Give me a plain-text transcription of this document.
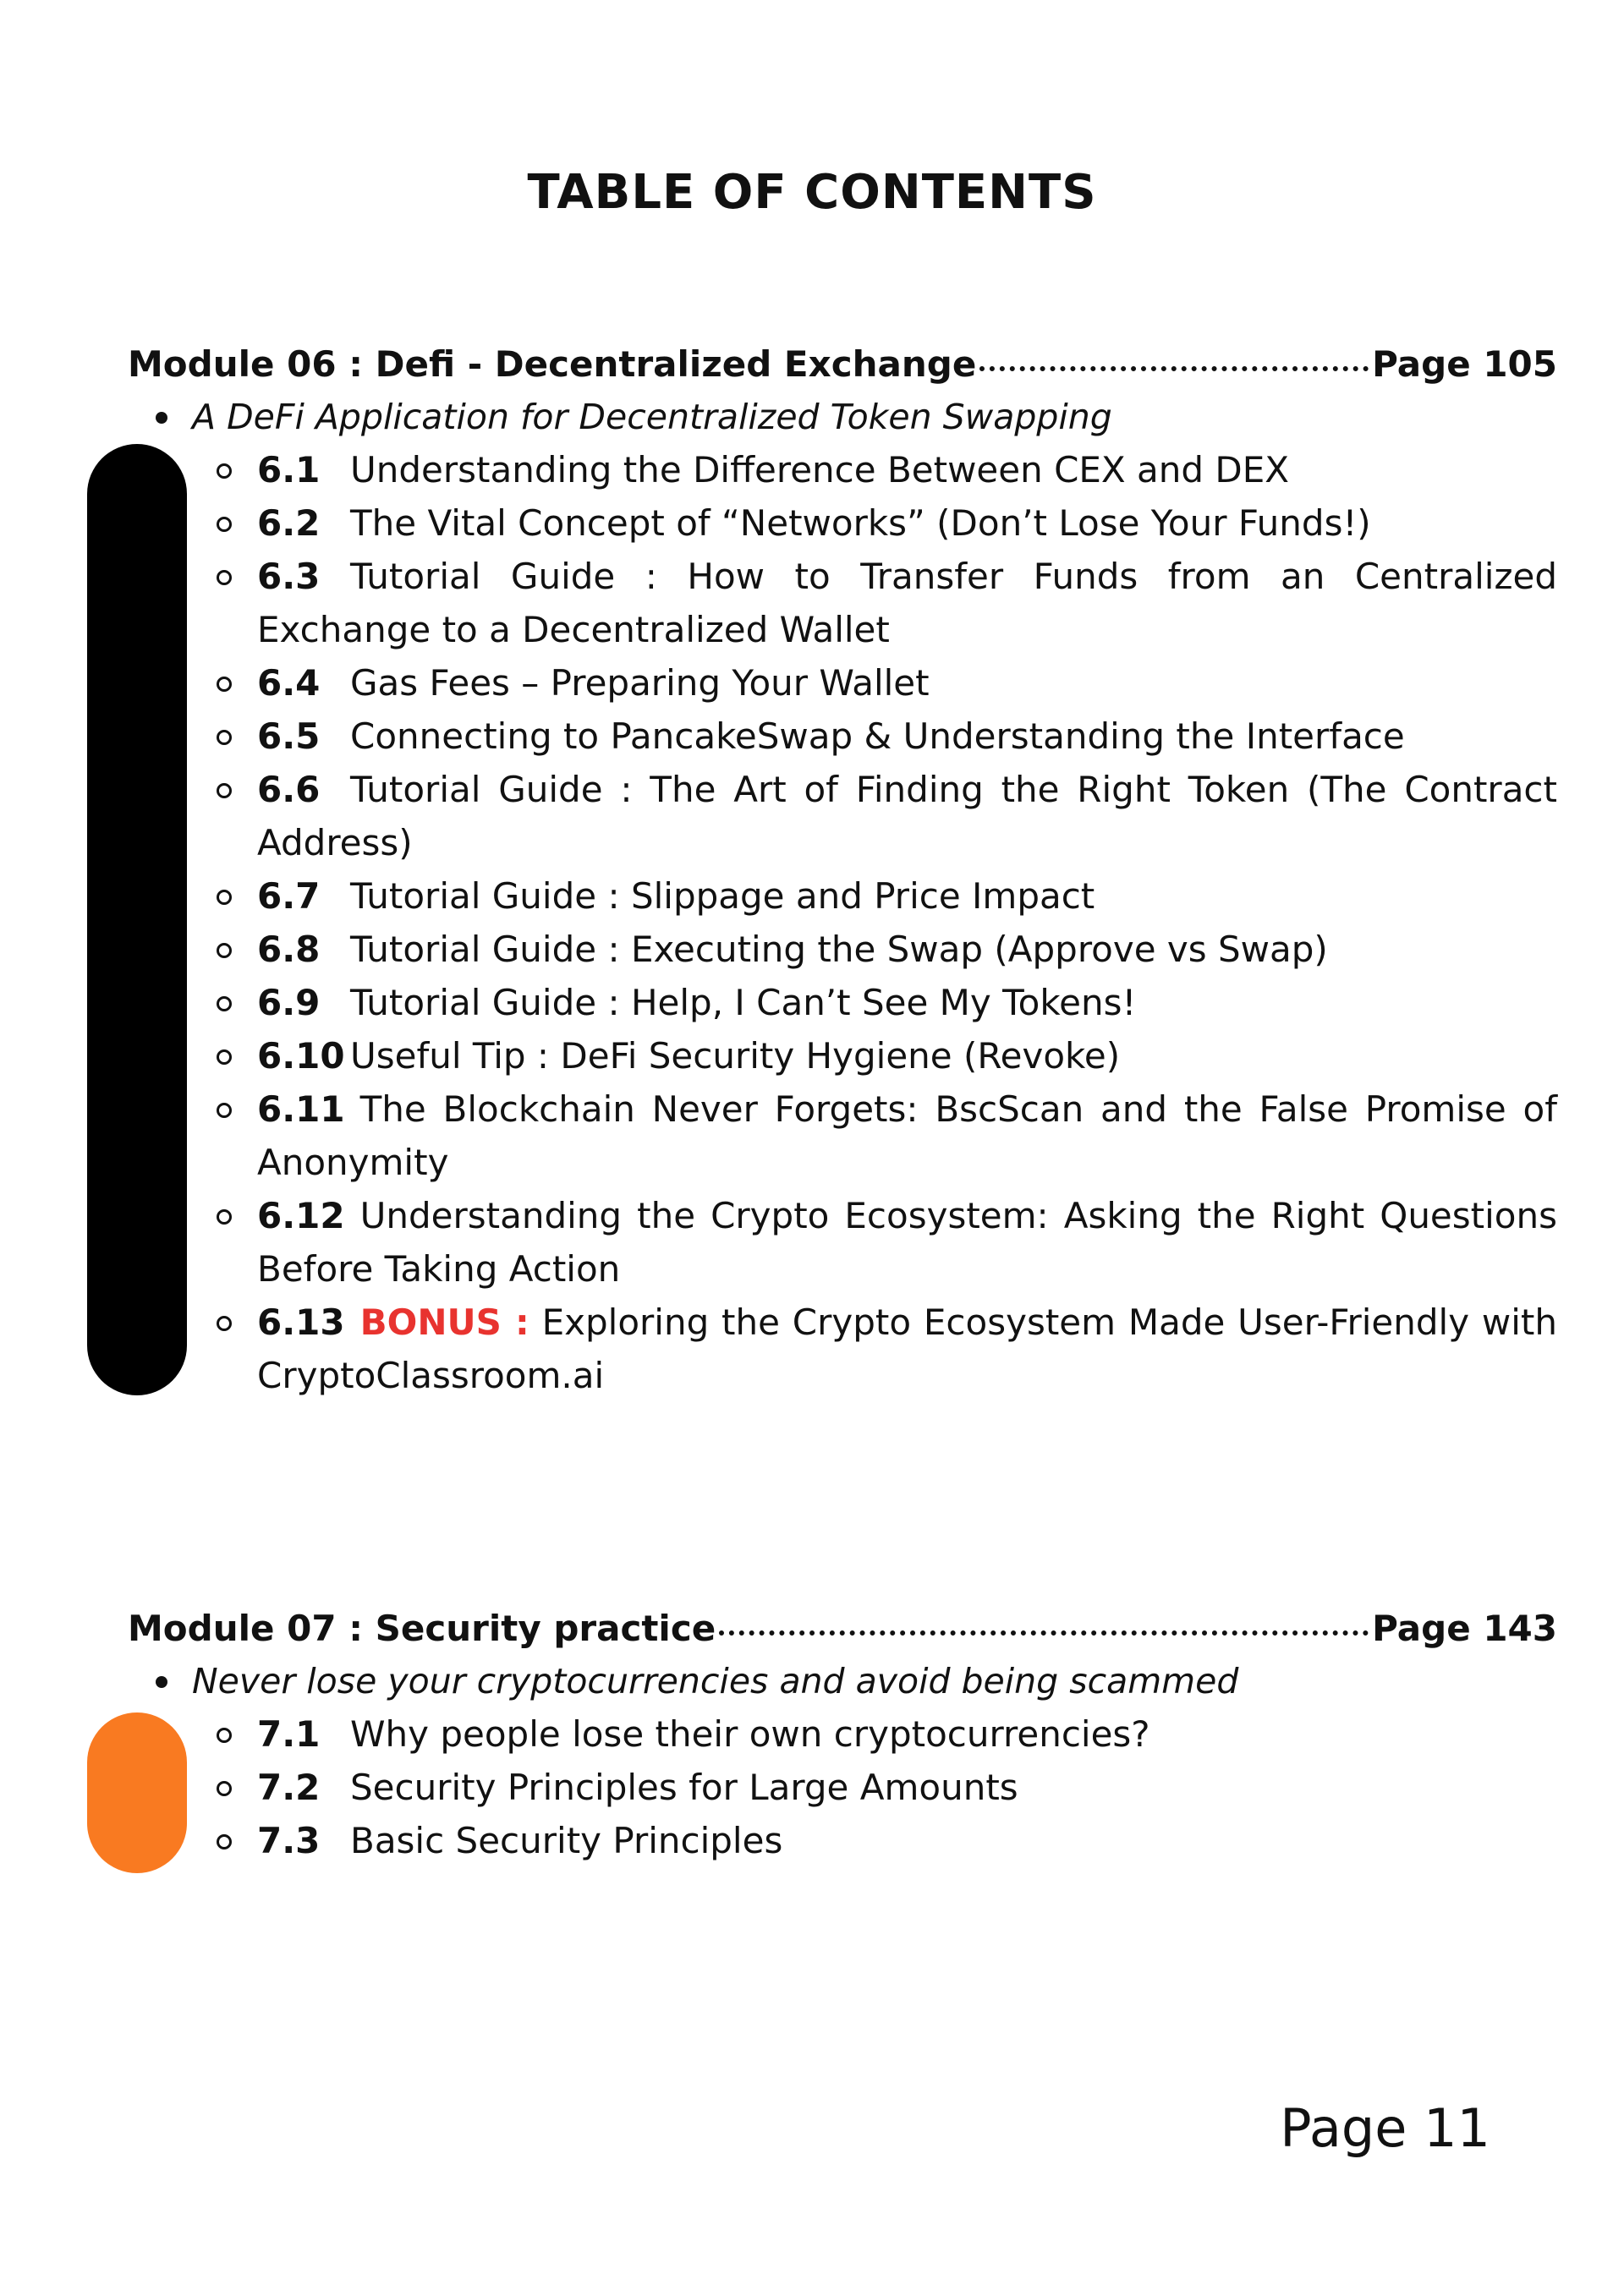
TABLE OF CONTENTS
Module 06 : Defi - Decentralized Exchange	Page 105
A DeFi Application for Decentralized Token Swapping
6.1 Understanding the Difference Between CEX and DEX
6.2 The Vital Concept of “Networks” (Don’t Lose Your Funds!)
6.3 Tutorial Guide : How to Transfer Funds from an Centralized Exchange to a Decentralized Wallet
6.4 Gas Fees – Preparing Your Wallet
6.5 Connecting to PancakeSwap & Understanding the Interface
6.6 Tutorial Guide : The Art of Finding the Right Token (The Contract Address)
6.7 Tutorial Guide : Slippage and Price Impact
6.8 Tutorial Guide : Executing the Swap (Approve vs Swap)
6.9 Tutorial Guide : Help, I Can’t See My Tokens!
6.10 Useful Tip : DeFi Security Hygiene (Revoke)
6.11 The Blockchain Never Forgets: BscScan and the False Promise of Anonymity
6.12 Understanding the Crypto Ecosystem: Asking the Right Questions Before Taking Action
6.13 BONUS : Exploring the Crypto Ecosystem Made User-Friendly with CryptoClassroom.ai
Module 07 : Security practice	Page 143
Never lose your cryptocurrencies and avoid being scammed
7.1 Why people lose their own cryptocurrencies?
7.2 Security Principles for Large Amounts
7.3 Basic Security Principles
Page 11
